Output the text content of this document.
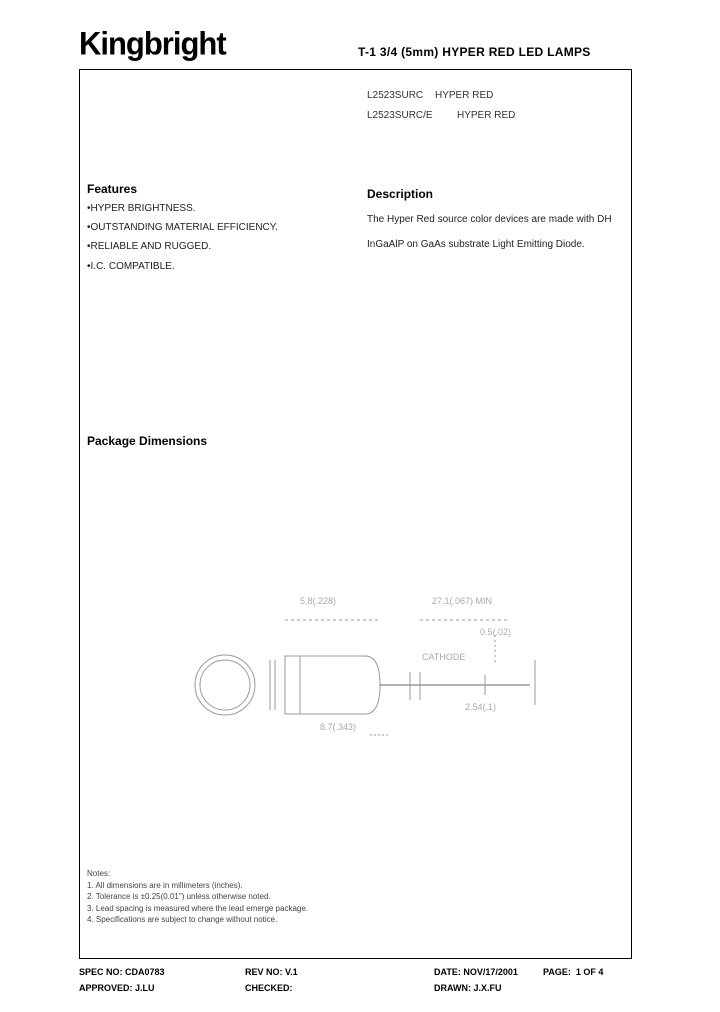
Kingbright	T-1 3/4 (5mm) HYPER RED LED LAMPS
L2523SURC HYPER RED
L2523SURC/E HYPER RED
Features
•HYPER BRIGHTNESS.
•OUTSTANDING MATERIAL EFFICIENCY.
•RELIABLE AND RUGGED.
•I.C. COMPATIBLE.
Description
The Hyper Red source color devices are made with DH
InGaAlP on GaAs substrate Light Emitting Diode.
Package Dimensions
5.8(.228)	27.1(.067) MIN
CATHODE
8.7(.343)
2.54(.1)
0.5(.02)
Notes:
1. All dimensions are in millimeters (inches).
2. Tolerance is ±0.25(0.01") unless otherwise noted.
3. Lead spacing is measured where the lead emerge package.
4. Specifications are subject to change without notice.
SPEC NO: CDA0783	REV NO: V.1	DATE: NOV/17/2001	PAGE:  1 OF 4
APPROVED: J.LU	CHECKED:	DRAWN: J.X.FU
